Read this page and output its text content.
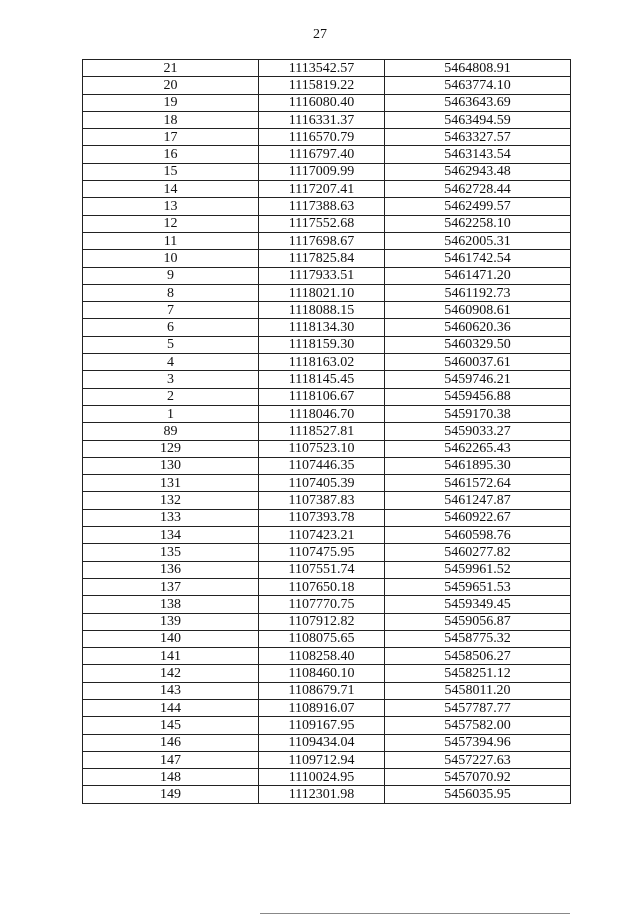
27
21	1113542.57	5464808.91
20	1115819.22	5463774.10
19	1116080.40	5463643.69
18	1116331.37	5463494.59
17	1116570.79	5463327.57
16	1116797.40	5463143.54
15	1117009.99	5462943.48
14	1117207.41	5462728.44
13	1117388.63	5462499.57
12	1117552.68	5462258.10
11	1117698.67	5462005.31
10	1117825.84	5461742.54
9	1117933.51	5461471.20
8	1118021.10	5461192.73
7	1118088.15	5460908.61
6	1118134.30	5460620.36
5	1118159.30	5460329.50
4	1118163.02	5460037.61
3	1118145.45	5459746.21
2	1118106.67	5459456.88
1	1118046.70	5459170.38
89	1118527.81	5459033.27
129	1107523.10	5462265.43
130	1107446.35	5461895.30
131	1107405.39	5461572.64
132	1107387.83	5461247.87
133	1107393.78	5460922.67
134	1107423.21	5460598.76
135	1107475.95	5460277.82
136	1107551.74	5459961.52
137	1107650.18	5459651.53
138	1107770.75	5459349.45
139	1107912.82	5459056.87
140	1108075.65	5458775.32
141	1108258.40	5458506.27
142	1108460.10	5458251.12
143	1108679.71	5458011.20
144	1108916.07	5457787.77
145	1109167.95	5457582.00
146	1109434.04	5457394.96
147	1109712.94	5457227.63
148	1110024.95	5457070.92
149	1112301.98	5456035.95
